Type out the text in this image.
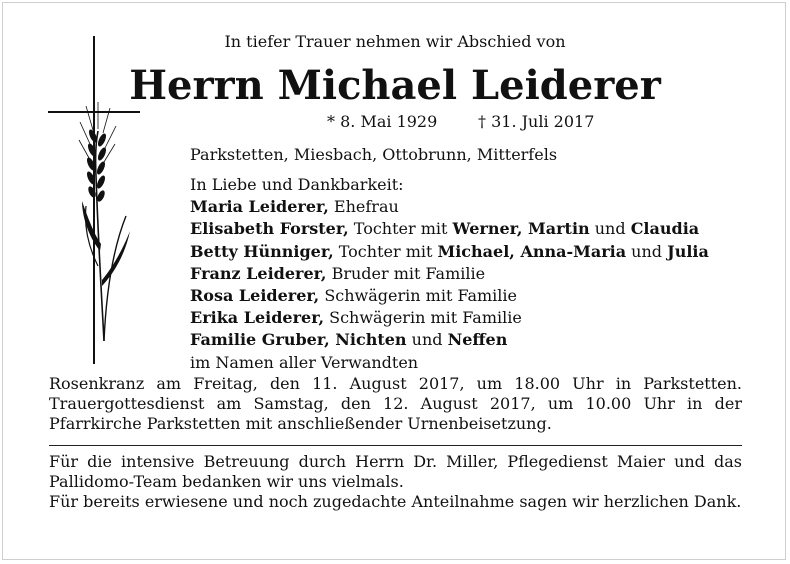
In tiefer Trauer nehmen wir Abschied von
Herrn Michael Leiderer
* 8. Mai 1929	† 31. Juli 2017
Parkstetten, Miesbach, Ottobrunn, Mitterfels
In Liebe und Dankbarkeit:
Maria Leiderer, Ehefrau
Elisabeth Forster, Tochter mit Werner, Martin und Claudia
Betty Hünniger, Tochter mit Michael, Anna-Maria und Julia
Franz Leiderer, Bruder mit Familie
Rosa Leiderer, Schwägerin mit Familie
Erika Leiderer, Schwägerin mit Familie
Familie Gruber, Nichten und Neffen
im Namen aller Verwandten

Rosenkranz am Freitag, den 11. August 2017, um 18.00 Uhr in Parkstetten. Trauergottesdienst am Samstag, den 12. August 2017, um 10.00 Uhr in der Pfarrkirche Parkstetten mit anschließender Urnenbeisetzung.

Für die intensive Betreuung durch Herrn Dr. Miller, Pflegedienst Maier und das Pallidomo-Team bedanken wir uns vielmals.

Für bereits erwiesene und noch zugedachte Anteilnahme sagen wir herzlichen Dank.
